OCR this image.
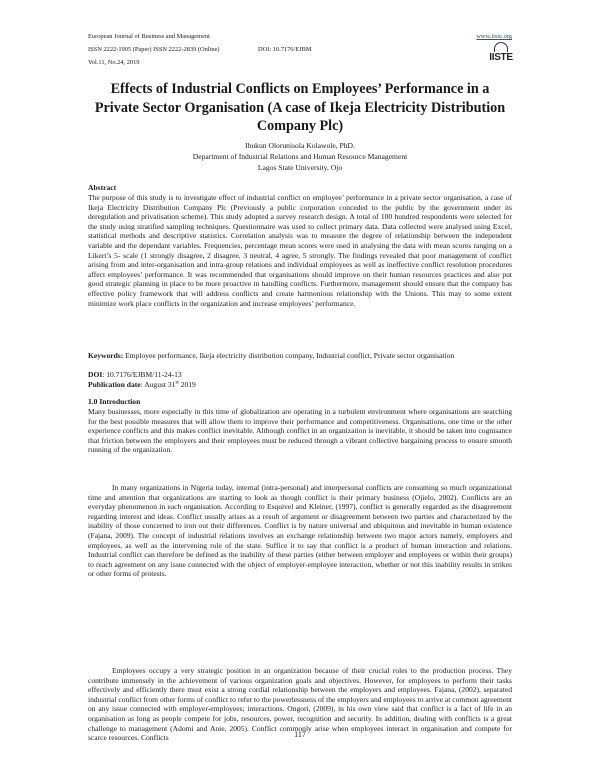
European Journal of Business and Management	www.iiste.org
ISSN 2222-1905 (Paper) ISSN 2222-2839 (Online)	DOI: 10.7176/EJBM
Vol.11, No.24, 2019	IISTE
Effects of Industrial Conflicts on Employees’ Performance in a Private Sector Organisation (A case of Ikeja Electricity Distribution Company Plc)
Ibukun Olorunisola Kolawole, PhD.
Department of Industrial Relations and Human Resource Management
Lagos State University, Ojo
Abstract
The purpose of this study is to investigate effect of industrial conflict on employee’ performance in a private sector organisation, a case of Ikeja Electricity Distribution Company Plc (Previously a public corporation conceded to the public by the government under its deregulation and privatisation scheme). This study adopted a survey research design. A total of 100 hundred respondents were selected for the study using stratified sampling techniques. Questionnaire was used to collect primary data. Data collected were analysed using Excel, statistical methods and descriptive statistics. Correlation analysis was to measure the degree of relationship between the independent variable and the dependant variables. Frequencies, percentage mean scores were used in analysing the data with mean scores ranging on a Likert’s 5- scale (1 strongly disagree, 2 disagree, 3 neutral, 4 agree, 5 strongly. The findings revealed that poor management of conflict arising from and inter-organisation and intra-group relations and individual employees as well as ineffective conflict resolution procedures affect employees’ performance. It was recommended that organisations should improve on their human resources practices and also put good strategic planning in place to be more proactive in handling conflicts. Furthermore, management should ensure that the company has effective policy framework that will address conflicts and create harmonious relationship with the Unions. This may to some extent minimize work place conflicts in the organization and increase employees’ performance.
Keywords: Employee performance, Ikeja electricity distribution company, Industrial conflict, Private sector organisation
DOI: 10.7176/EJBM/11-24-13
Publication date: August 31st 2019
1.0 Introduction
Many businesses, more especially in this time of globalization are operating in a turbulent environment where organisations are searching for the best possible measures that will allow them to improve their performance and competitiveness. Organisations, one time or the other experience conflicts and this makes conflict inevitable. Although conflict in an organization is inevitable, it should be taken into cognisance that friction between the employers and their employees must be reduced through a vibrant collective bargaining process to ensure smooth running of the organization.
In many organizations in Nigeria today, internal (intra-personal) and interpersonal conflicts are consuming so much organizational time and attention that organizations are starting to look as though conflict is their primary business (Ojielo, 2002). Conflicts are an everyday phenomenon in each organisation. According to Esquivel and Kleiner, (1997), conflict is generally regarded as the disagreement regarding interest and ideas. Conflict usually arises as a result of argument or disagreement between two parties and characterized by the inability of those concerned to iron out their differences. Conflict is by nature universal and ubiquitous and inevitable in human existence (Fajana, 2009). The concept of industrial relations involves an exchange relationship between two major actors namely, employers and employees, as well as the intervening role of the state. Suffice it to say that conflict is a product of human interaction and relations. Industrial conflict can therefore be defined as the inability of these parties (either between employer and employees or within their groups) to reach agreement on any issue connected with the object of employer-employee interaction, whether or not this inability results in strikes or other forms of protests.
Employees occupy a very strategic position in an organization because of their crucial roles to the production process. They contribute immensely in the achievement of various organization goals and objectives. However, for employees to perform their tasks effectively and efficiently there must exist a strong cordial relationship between the employers and employees. Fajana, (2002), separated industrial conflict from other forms of conflict to refer to the powerlessness of the employers and employees to arrive at common agreement on any issue connected with employer-employees; interactions. Ongori, (2009), in his own view said that conflict is a fact of life in an organisation as long as people compete for jobs, resources, power, recognition and security. In addition, dealing with conflicts is a great challenge to management (Adomi and Anie, 2005). Conflict commonly arise when employees interact in organisation and compete for scarce resources. Conflicts	117
